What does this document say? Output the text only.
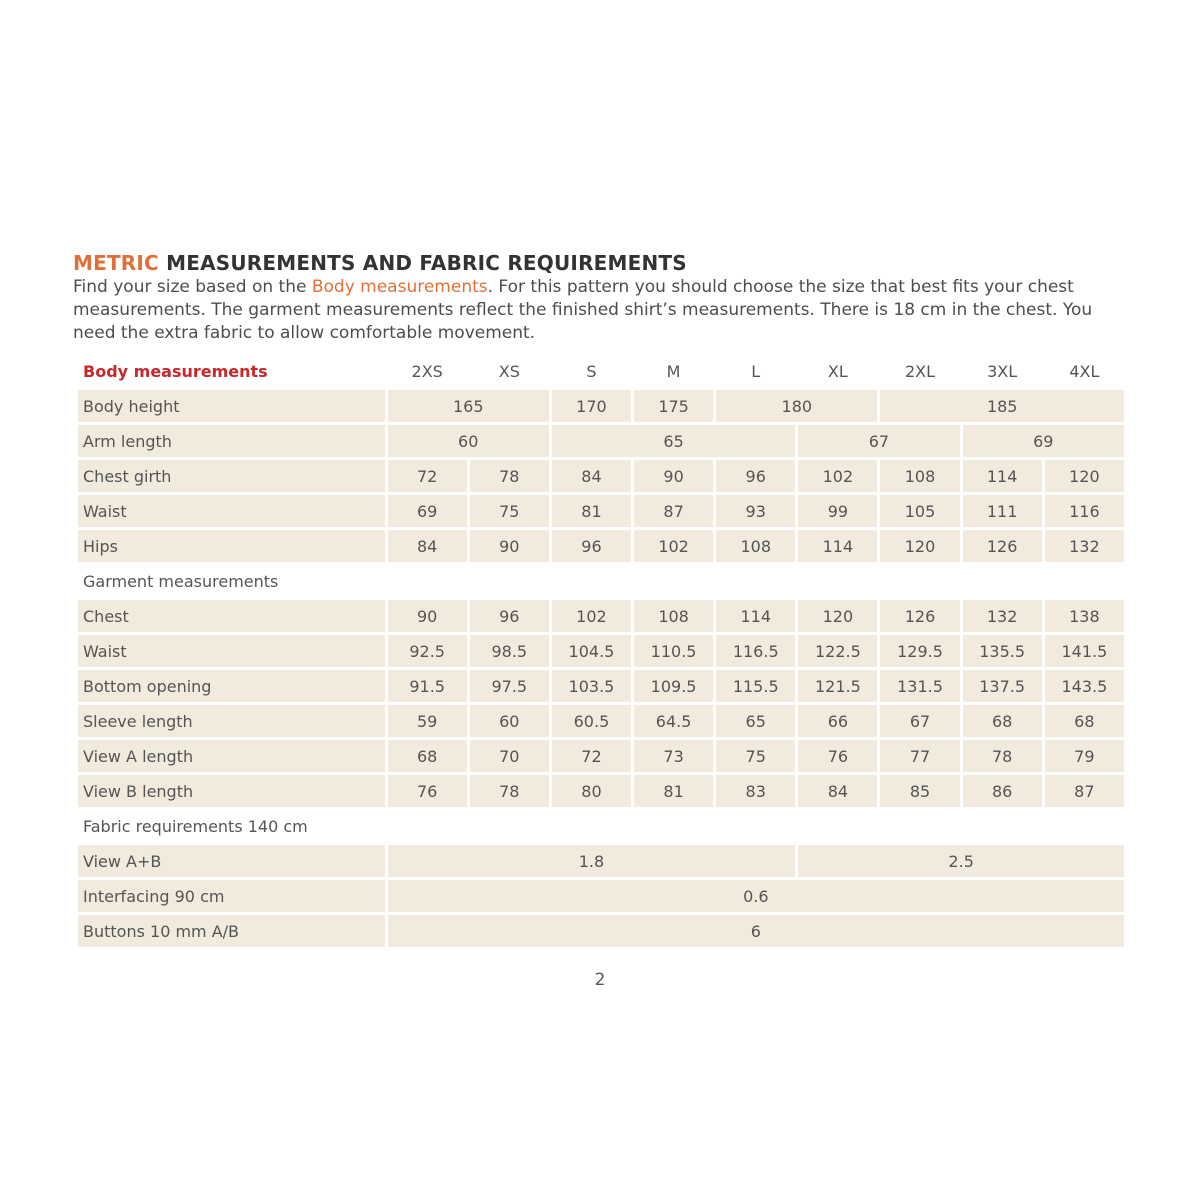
METRIC MEASUREMENTS AND FABRIC REQUIREMENTS

Find your size based on the Body measurements. For this pattern you should choose the size that best fits your chest measurements. The garment measurements reflect the finished shirt’s measurements. There is 18 cm in the chest. You need the extra fabric to allow comfortable movement.

Body measurements	2XS	XS	S	M	L	XL	2XL	3XL	4XL
Body height	165		170	175	180		185		
Arm length	60		65			67		69	
Chest girth	72	78	84	90	96	102	108	114	120
Waist	69	75	81	87	93	99	105	111	116
Hips	84	90	96	102	108	114	120	126	132
Garment measurements									
Chest	90	96	102	108	114	120	126	132	138
Waist	92.5	98.5	104.5	110.5	116.5	122.5	129.5	135.5	141.5
Bottom opening	91.5	97.5	103.5	109.5	115.5	121.5	131.5	137.5	143.5
Sleeve length	59	60	60.5	64.5	65	66	67	68	68
View A length	68	70	72	73	75	76	77	78	79
View B length	76	78	80	81	83	84	85	86	87
Fabric requirements 140 cm									
View A+B	1.8					2.5			
Interfacing 90 cm	0.6								
Buttons 10 mm A/B	6								
2
